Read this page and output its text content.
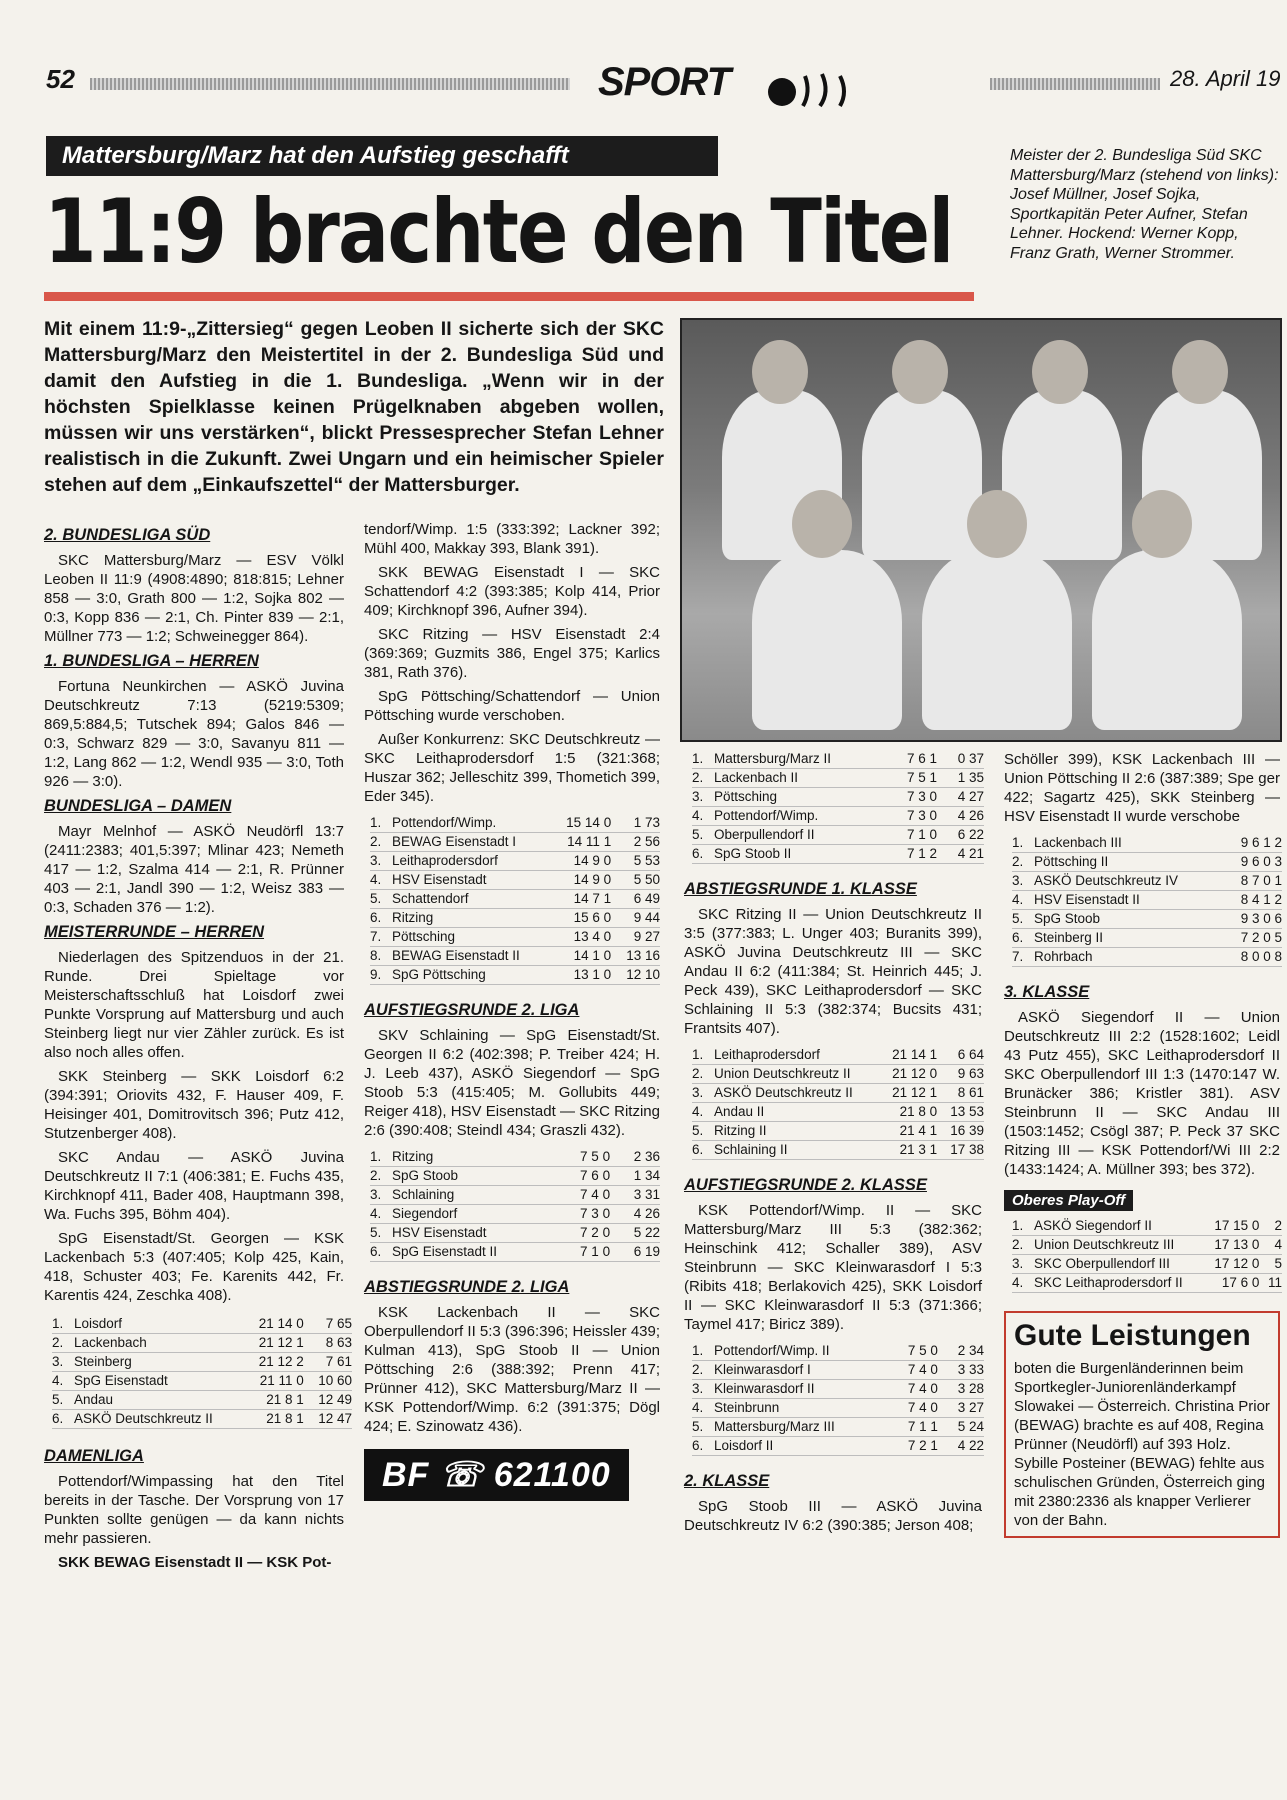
52	SPORT	28. April 19
Mattersburg/Marz hat den Aufstieg geschafft
11:9 brachte den Titel
Meister der 2. Bundesliga Süd SKC Mattersburg/Marz (stehend von links): Josef Müllner, Josef Sojka, Sportkapitän Peter Aufner, Stefan Lehner. Hockend: Werner Kopp, Franz Grath, Werner Strommer.
Mit einem 11:9-„Zittersieg“ gegen Leoben II sicherte sich der SKC Mattersburg/Marz den Meistertitel in der 2. Bundesliga Süd und damit den Aufstieg in die 1. Bundesliga. „Wenn wir in der höchsten Spielklasse keinen Prügelknaben abgeben wollen, müssen wir uns verstärken“, blickt Pressesprecher Stefan Lehner realistisch in die Zukunft. Zwei Ungarn und ein heimischer Spieler stehen auf dem „Einkaufszettel“ der Mattersburger.
2. BUNDESLIGA SÜD

SKC Mattersburg/Marz — ESV Völkl Leoben II 11:9 (4908:4890; 818:815; Lehner 858 — 3:0, Grath 800 — 1:2, Sojka 802 — 0:3, Kopp 836 — 2:1, Ch. Pinter 839 — 2:1, Müllner 773 — 1:2; Schweinegger 864).

1. BUNDESLIGA – HERREN

Fortuna Neunkirchen — ASKÖ Juvina Deutschkreutz 7:13 (5219:5309; 869,5:884,5; Tutschek 894; Galos 846 — 0:3, Schwarz 829 — 3:0, Savanyu 811 — 1:2, Lang 862 — 1:2, Wendl 935 — 3:0, Toth 926 — 3:0).

BUNDESLIGA – DAMEN

Mayr Melnhof — ASKÖ Neudörfl 13:7 (2411:2383; 401,5:397; Mlinar 423; Nemeth 417 — 1:2, Szalma 414 — 2:1, R. Prünner 403 — 2:1, Jandl 390 — 1:2, Weisz 383 — 0:3, Schaden 376 — 1:2).

MEISTERRUNDE – HERREN

Niederlagen des Spitzenduos in der 21. Runde. Drei Spieltage vor Meisterschaftsschluß hat Loisdorf zwei Punkte Vorsprung auf Mattersburg und auch Steinberg liegt nur vier Zähler zurück. Es ist also noch alles offen.

SKK Steinberg — SKK Loisdorf 6:2 (394:391; Oriovits 432, F. Hauser 409, F. Heisinger 401, Domitrovitsch 396; Putz 412, Stutzenberger 408).

SKC Andau — ASKÖ Juvina Deutschkreutz II 7:1 (406:381; E. Fuchs 435, Kirchknopf 411, Bader 408, Hauptmann 398, Wa. Fuchs 395, Böhm 404).

SpG Eisenstadt/St. Georgen — KSK Lackenbach 5:3 (407:405; Kolp 425, Kain, 418, Schuster 403; Fe. Karenits 442, Fr. Karentis 424, Zeschka 408).

1.	Loisdorf	21 14 0	7 65
2.	Lackenbach	21 12 1	8 63
3.	Steinberg	21 12 2	7 61
4.	SpG Eisenstadt	21 11 0	10 60
5.	Andau	21 8 1	12 49
6.	ASKÖ Deutschkreutz II	21 8 1	12 47
DAMENLIGA

Pottendorf/Wimpassing hat den Titel bereits in der Tasche. Der Vorsprung von 17 Punkten sollte genügen — da kann nichts mehr passieren.

SKK BEWAG Eisenstadt II — KSK Pot-

tendorf/Wimp. 1:5 (333:392; Lackner 392; Mühl 400, Makkay 393, Blank 391).

SKK BEWAG Eisenstadt I — SKC Schattendorf 4:2 (393:385; Kolp 414, Prior 409; Kirchknopf 396, Aufner 394).

SKC Ritzing — HSV Eisenstadt 2:4 (369:369; Guzmits 386, Engel 375; Karlics 381, Rath 376).

SpG Pöttsching/Schattendorf — Union Pöttsching wurde verschoben.

Außer Konkurrenz: SKC Deutschkreutz — SKC Leithaprodersdorf 1:5 (321:368; Huszar 362; Jelleschitz 399, Thometich 399, Eder 345).

1.	Pottendorf/Wimp.	15 14 0	1 73
2.	BEWAG Eisenstadt I	14 11 1	2 56
3.	Leithaprodersdorf	14 9 0	5 53
4.	HSV Eisenstadt	14 9 0	5 50
5.	Schattendorf	14 7 1	6 49
6.	Ritzing	15 6 0	9 44
7.	Pöttsching	13 4 0	9 27
8.	BEWAG Eisenstadt II	14 1 0	13 16
9.	SpG Pöttsching	13 1 0	12 10
AUFSTIEGSRUNDE 2. LIGA

SKV Schlaining — SpG Eisenstadt/St. Georgen II 6:2 (402:398; P. Treiber 424; H. J. Leeb 437), ASKÖ Siegendorf — SpG Stoob 5:3 (415:405; M. Gollubits 449; Reiger 418), HSV Eisenstadt — SKC Ritzing 2:6 (390:408; Steindl 434; Graszli 432).

1.	Ritzing	7 5 0	2 36
2.	SpG Stoob	7 6 0	1 34
3.	Schlaining	7 4 0	3 31
4.	Siegendorf	7 3 0	4 26
5.	HSV Eisenstadt	7 2 0	5 22
6.	SpG Eisenstadt II	7 1 0	6 19
ABSTIEGSRUNDE 2. LIGA

KSK Lackenbach II — SKC Oberpullendorf II 5:3 (396:396; Heissler 439; Kulman 413), SpG Stoob II — Union Pöttsching 2:6 (388:392; Prenn 417; Prünner 412), SKC Mattersburg/Marz II — KSK Pottendorf/Wimp. 6:2 (391:375; Dögl 424; E. Szinowatz 436).

BF ☏ 621100
1.	Mattersburg/Marz II	7 6 1	0 37
2.	Lackenbach II	7 5 1	1 35
3.	Pöttsching	7 3 0	4 27
4.	Pottendorf/Wimp.	7 3 0	4 26
5.	Oberpullendorf II	7 1 0	6 22
6.	SpG Stoob II	7 1 2	4 21
ABSTIEGSRUNDE 1. KLASSE

SKC Ritzing II — Union Deutschkreutz II 3:5 (377:383; L. Unger 403; Buranits 399), ASKÖ Juvina Deutschkreutz III — SKC Andau II 6:2 (411:384; St. Heinrich 445; J. Peck 439), SKC Leithaprodersdorf — SKC Schlaining II 5:3 (382:374; Bucsits 431; Frantsits 407).

1.	Leithaprodersdorf	21 14 1	6 64
2.	Union Deutschkreutz II	21 12 0	9 63
3.	ASKÖ Deutschkreutz II	21 12 1	8 61
4.	Andau II	21 8 0	13 53
5.	Ritzing II	21 4 1	16 39
6.	Schlaining II	21 3 1	17 38
AUFSTIEGSRUNDE 2. KLASSE

KSK Pottendorf/Wimp. II — SKC Mattersburg/Marz III 5:3 (382:362; Heinschink 412; Schaller 389), ASV Steinbrunn — SKC Kleinwarasdorf I 5:3 (Ribits 418; Berlakovich 425), SKK Loisdorf II — SKC Kleinwarasdorf II 5:3 (371:366; Taymel 417; Biricz 389).

1.	Pottendorf/Wimp. II	7 5 0	2 34
2.	Kleinwarasdorf I	7 4 0	3 33
3.	Kleinwarasdorf II	7 4 0	3 28
4.	Steinbrunn	7 4 0	3 27
5.	Mattersburg/Marz III	7 1 1	5 24
6.	Loisdorf II	7 2 1	4 22
2. KLASSE

SpG Stoob III — ASKÖ Juvina Deutschkreutz IV 6:2 (390:385; Jerson 408;

Schöller 399), KSK Lackenbach III — Union Pöttsching II 2:6 (387:389; Spe ger 422; Sagartz 425), SKK Steinberg — HSV Eisenstadt II wurde verschobe

1.	Lackenbach III	9 6 1 2
2.	Pöttsching II	9 6 0 3
3.	ASKÖ Deutschkreutz IV	8 7 0 1
4.	HSV Eisenstadt II	8 4 1 2
5.	SpG Stoob	9 3 0 6
6.	Steinberg II	7 2 0 5
7.	Rohrbach	8 0 0 8
3. KLASSE

ASKÖ Siegendorf II — Union Deutschkreutz III 2:2 (1528:1602; Leidl 43 Putz 455), SKC Leithaprodersdorf II SKC Oberpullendorf III 1:3 (1470:147 W. Brunäcker 386; Kristler 381). ASV Steinbrunn II — SKC Andau III (1503:1452; Csögl 387; P. Peck 37 SKC Ritzing III — KSK Pottendorf/Wi III 2:2 (1433:1424; A. Müllner 393; bes 372).

Oberes Play-Off
1.	ASKÖ Siegendorf II	17 15 0	2
2.	Union Deutschkreutz III	17 13 0	4
3.	SKC Oberpullendorf III	17 12 0	5
4.	SKC Leithaprodersdorf II	17 6 0	11
Gute Leistungen
boten die Burgenländerinnen beim Sportkegler-Juniorenländerkampf Slowakei — Österreich. Christina Prior (BEWAG) brachte es auf 408, Regina Prünner (Neudörfl) auf 393 Holz. Sybille Posteiner (BEWAG) fehlte aus schulischen Gründen, Österreich ging mit 2380:2336 als knapper Verlierer von der Bahn.
